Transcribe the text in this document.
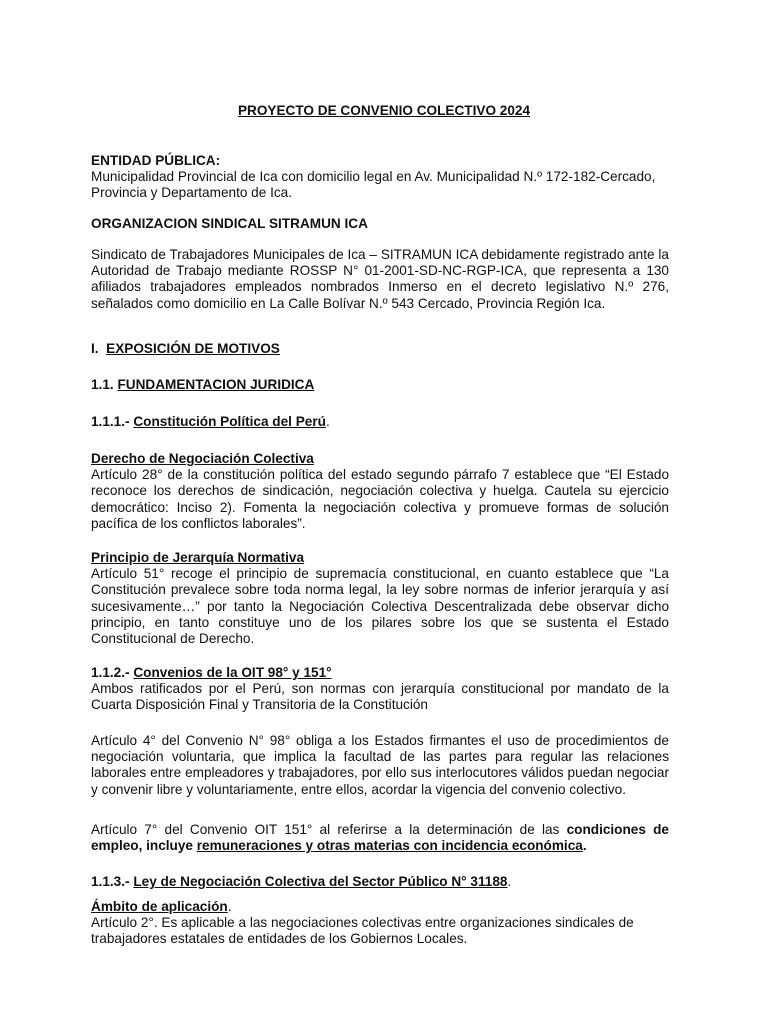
PROYECTO DE CONVENIO COLECTIVO 2024

ENTIDAD PÚBLICA:

Municipalidad Provincial de Ica con domicilio legal en Av. Municipalidad N.º 172-182-Cercado, Provincia y Departamento de Ica.

ORGANIZACION SINDICAL SITRAMUN ICA

Sindicato de Trabajadores Municipales de Ica – SITRAMUN ICA debidamente registrado ante la Autoridad de Trabajo mediante ROSSP N° 01-2001-SD-NC-RGP-ICA, que representa a 130 afiliados trabajadores empleados nombrados Inmerso en el decreto legislativo N.º 276, señalados como domicilio en La Calle Bolívar N.º 543 Cercado, Provincia Región Ica.

I. EXPOSICIÓN DE MOTIVOS
1.1. FUNDAMENTACION JURIDICA
1.1.1.- Constitución Política del Perú.

Derecho de Negociación Colectiva

Artículo 28° de la constitución política del estado segundo párrafo 7 establece que “El Estado reconoce los derechos de sindicación, negociación colectiva y huelga. Cautela su ejercicio democrático: Inciso 2). Fomenta la negociación colectiva y promueve formas de solución pacífica de los conflictos laborales”.

Principio de Jerarquía Normativa

Artículo 51° recoge el principio de supremacía constitucional, en cuanto establece que “La Constitución prevalece sobre toda norma legal, la ley sobre normas de inferior jerarquía y así sucesivamente…” por tanto la Negociación Colectiva Descentralizada debe observar dicho principio, en tanto constituye uno de los pilares sobre los que se sustenta el Estado Constitucional de Derecho.

1.1.2.- Convenios de la OIT 98° y 151°

Ambos ratificados por el Perú, son normas con jerarquía constitucional por mandato de la Cuarta Disposición Final y Transitoria de la Constitución

Artículo 4° del Convenio N° 98° obliga a los Estados firmantes el uso de procedimientos de negociación voluntaria, que implica la facultad de las partes para regular las relaciones laborales entre empleadores y trabajadores, por ello sus interlocutores válidos puedan negociar y convenir libre y voluntariamente, entre ellos, acordar la vigencia del convenio colectivo.

Artículo 7° del Convenio OIT 151° al referirse a la determinación de las condiciones de empleo, incluye remuneraciones y otras materias con incidencia económica.

1.1.3.- Ley de Negociación Colectiva del Sector Público N° 31188.

Ámbito de aplicación.

Artículo 2°. Es aplicable a las negociaciones colectivas entre organizaciones sindicales de trabajadores estatales de entidades de los Gobiernos Locales.
